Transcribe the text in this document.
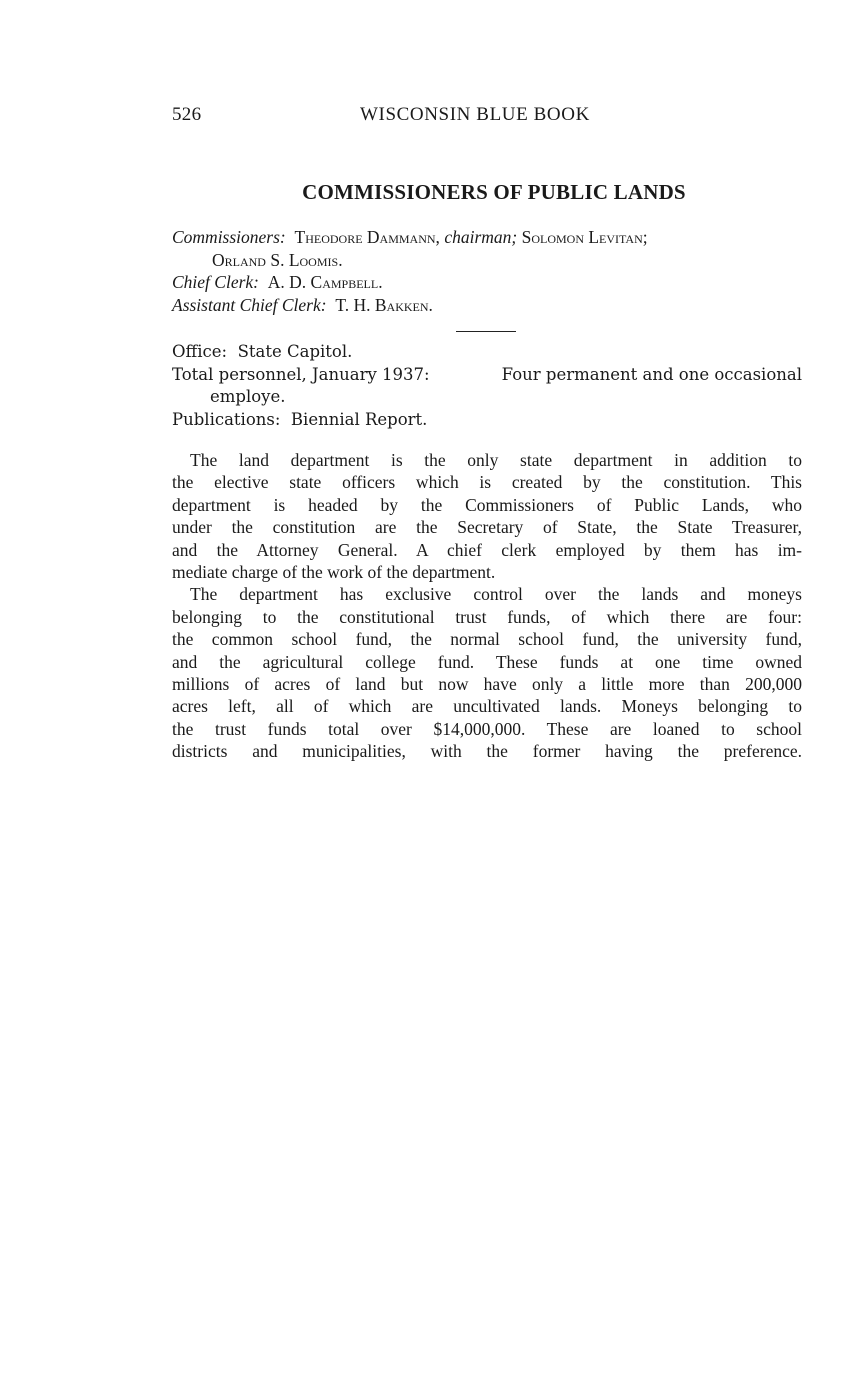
526	WISCONSIN BLUE BOOK
COMMISSIONERS OF PUBLIC LANDS
Commissioners: Theodore Dammann, chairman; Solomon Levitan;
Orland S. Loomis.
Chief Clerk: A. D. Campbell.
Assistant Chief Clerk: T. H. Bakken.
Office: State Capitol.
Total personnel, January 1937:	Four permanent and one occasional
employe.
Publications: Biennial Report.
The land department is the only state department in addition to
the elective state officers which is created by the constitution. This
department is headed by the Commissioners of Public Lands, who
under the constitution are the Secretary of State, the State Treasurer,
and the Attorney General. A chief clerk employed by them has im-
mediate charge of the work of the department.
The department has exclusive control over the lands and moneys
belonging to the constitutional trust funds, of which there are four:
the common school fund, the normal school fund, the university fund,
and the agricultural college fund. These funds at one time owned
millions of acres of land but now have only a little more than 200,000
acres left, all of which are uncultivated lands. Moneys belonging to
the trust funds total over $14,000,000. These are loaned to school
districts and municipalities, with the former having the preference.
